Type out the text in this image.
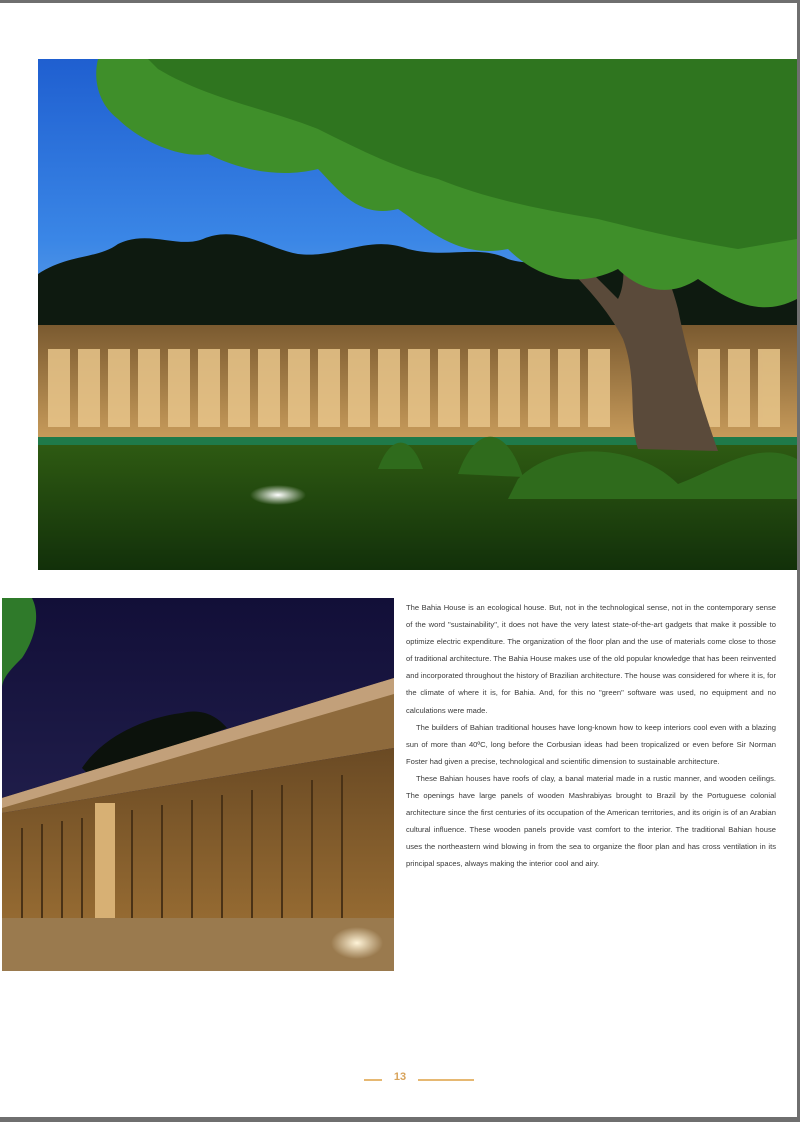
The Bahia House is an ecological house. But, not in the technological sense, not in the contemporary sense of the word "sustainability", it does not have the very latest state-of-the-art gadgets that make it possible to optimize electric expenditure. The organization of the floor plan and the use of materials come close to those of traditional architecture. The Bahia House makes use of the old popular knowledge that has been reinvented and incorporated throughout the history of Brazilian architecture. The house was considered for where it is, for the climate of where it is, for Bahia. And, for this no "green" software was used, no equipment and no calculations were made.

The builders of Bahian traditional houses have long-known how to keep interiors cool even with a blazing sun of more than 40ºC, long before the Corbusian ideas had been tropicalized or even before Sir Norman Foster had given a precise, technological and scientific dimension to sustainable architecture.

These Bahian houses have roofs of clay, a banal material made in a rustic manner, and wooden ceilings. The openings have large panels of wooden Mashrabiyas brought to Brazil by the Portuguese colonial architecture since the first centuries of its occupation of the American territories, and its origin is of an Arabian cultural influence. These wooden panels provide vast comfort to the interior. The traditional Bahian house uses the northeastern wind blowing in from the sea to organize the floor plan and has cross ventilation in its principal spaces, always making the interior cool and airy.

13
